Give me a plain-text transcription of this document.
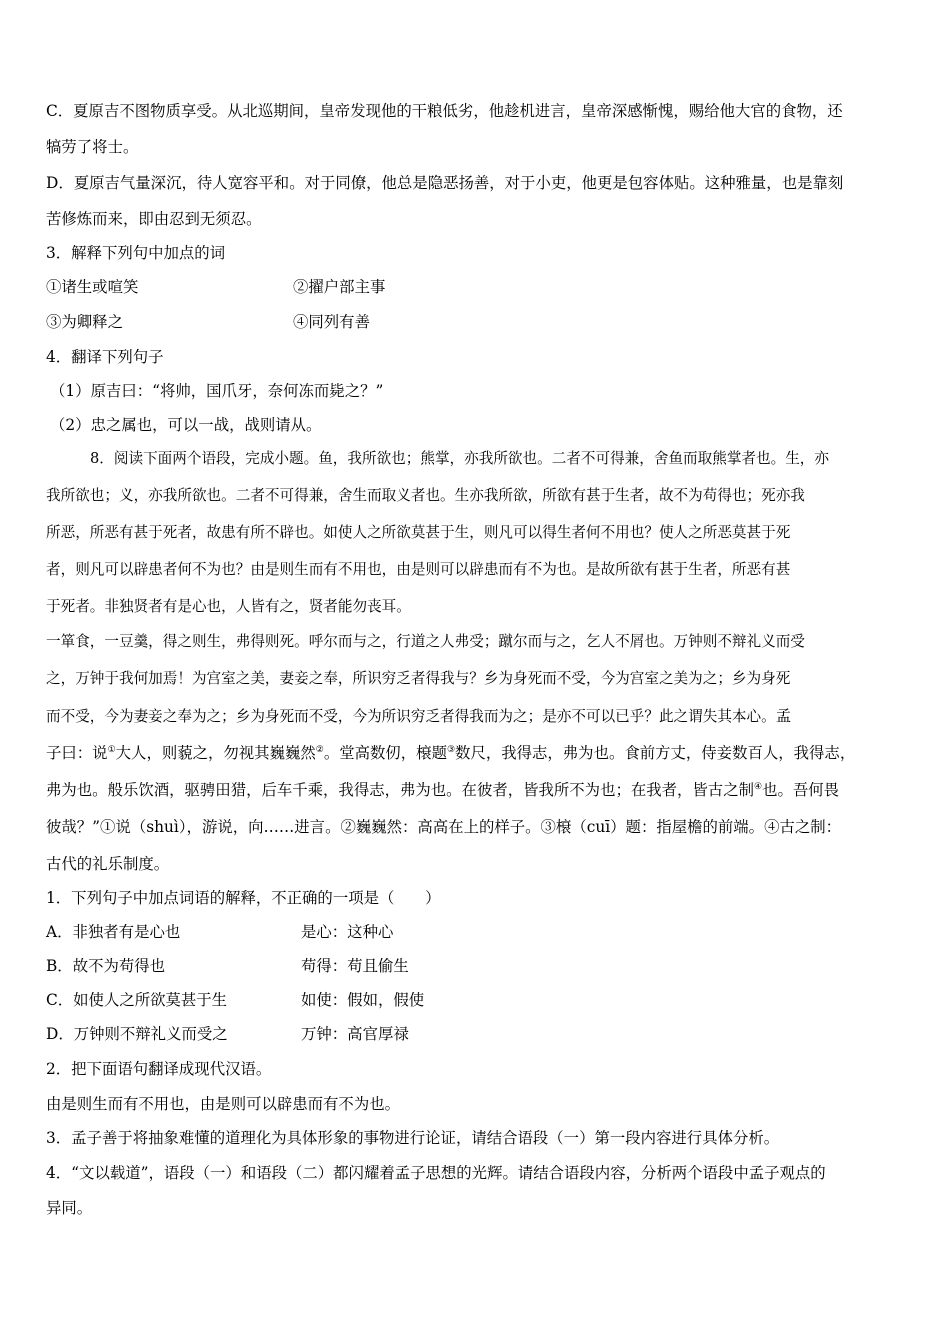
C．夏原吉不图物质享受。从北巡期间，皇帝发现他的干粮低劣，他趁机进言，皇帝深感惭愧，赐给他大官的食物，还

犒劳了将士。

D．夏原吉气量深沉，待人宽容平和。对于同僚，他总是隐恶扬善，对于小吏，他更是包容体贴。这种雅量，也是靠刻

苦修炼而来，即由忍到无须忍。

3．解释下列句中加点的词

①诸生或喧笑	②擢户部主事

③为卿释之	④同列有善

4．翻译下列句子

（1）原吉曰：“将帅，国爪牙，奈何冻而毙之？”

（2）忠之属也，可以一战，战则请从。

8．阅读下面两个语段，完成小题。鱼，我所欲也；熊掌，亦我所欲也。二者不可得兼，舍鱼而取熊掌者也。生，亦

我所欲也；义，亦我所欲也。二者不可得兼，舍生而取义者也。生亦我所欲，所欲有甚于生者，故不为苟得也；死亦我

所恶，所恶有甚于死者，故患有所不辟也。如使人之所欲莫甚于生，则凡可以得生者何不用也？使人之所恶莫甚于死

者，则凡可以辟患者何不为也？由是则生而有不用也，由是则可以辟患而有不为也。是故所欲有甚于生者，所恶有甚

于死者。非独贤者有是心也，人皆有之，贤者能勿丧耳。

一箪食，一豆羹，得之则生，弗得则死。呼尔而与之，行道之人弗受；蹴尔而与之，乞人不屑也。万钟则不辩礼义而受

之，万钟于我何加焉！为宫室之美，妻妾之奉，所识穷乏者得我与？乡为身死而不受，今为宫室之美为之；乡为身死

而不受，今为妻妾之奉为之；乡为身死而不受，今为所识穷乏者得我而为之；是亦不可以已乎？此之谓失其本心。孟

子曰：说①大人，则藐之，勿视其巍巍然②。堂高数仞，榱题③数尺，我得志，弗为也。食前方丈，侍妾数百人，我得志，

弗为也。般乐饮酒，驱骋田猎，后车千乘，我得志，弗为也。在彼者，皆我所不为也；在我者，皆古之制④也。吾何畏

彼哉？”①说（shuì），游说，向……进言。②巍巍然：高高在上的样子。③榱（cuī）题：指屋檐的前端。④古之制：

古代的礼乐制度。

1．下列句子中加点词语的解释，不正确的一项是（　　）

A．非独者有是心也	是心：这种心

B．故不为苟得也	苟得：苟且偷生

C．如使人之所欲莫甚于生	如使：假如，假使

D．万钟则不辩礼义而受之	万钟：高官厚禄

2．把下面语句翻译成现代汉语。

由是则生而有不用也，由是则可以辟患而有不为也。

3．孟子善于将抽象难懂的道理化为具体形象的事物进行论证，请结合语段（一）第一段内容进行具体分析。

4．“文以载道”，语段（一）和语段（二）都闪耀着孟子思想的光辉。请结合语段内容，分析两个语段中孟子观点的

异同。
